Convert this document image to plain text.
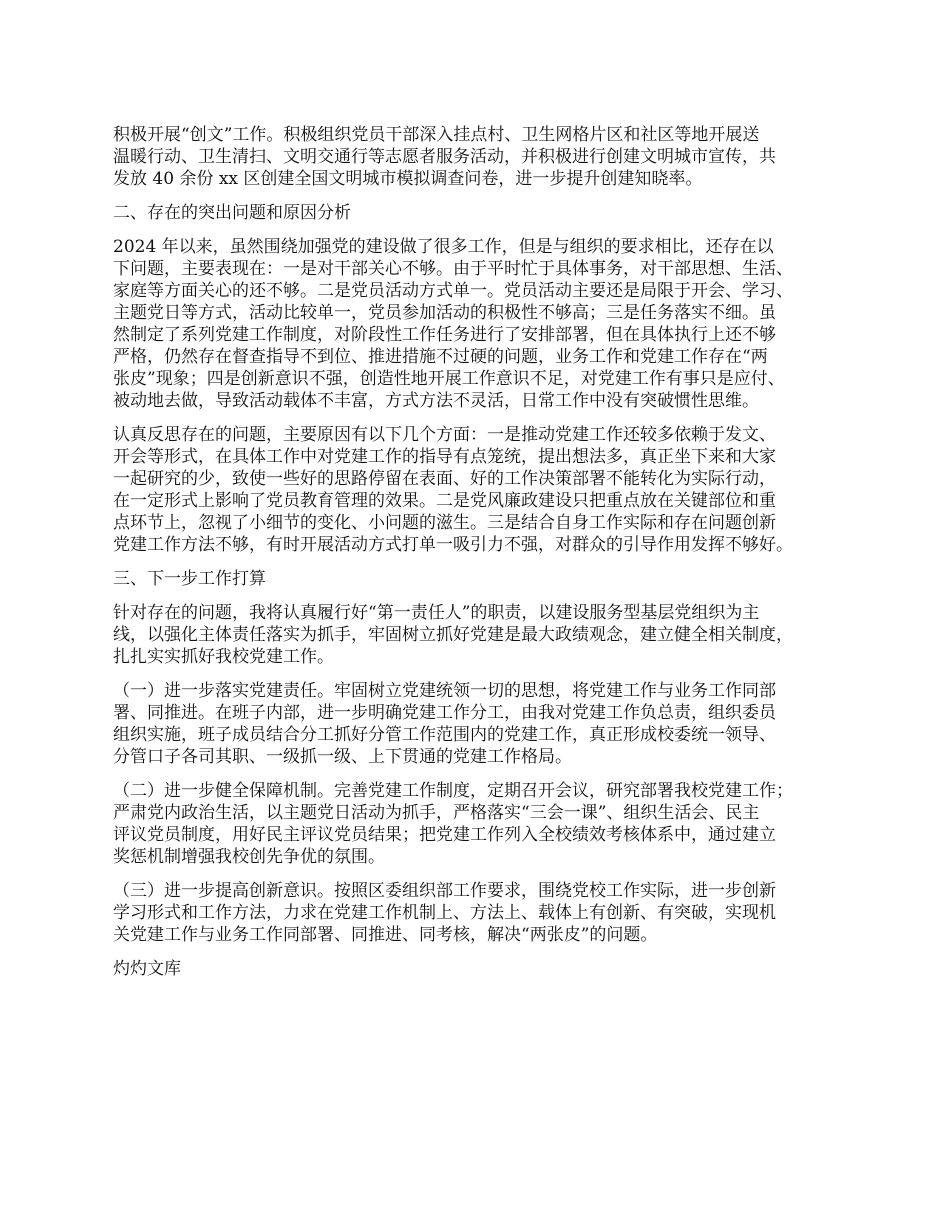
积极开展“创文”工作。积极组织党员干部深入挂点村、卫生网格片区和社区等地开展送
温暖行动、卫生清扫、文明交通行等志愿者服务活动，并积极进行创建文明城市宣传，共
发放 40 余份 xx 区创建全国文明城市模拟调查问卷，进一步提升创建知晓率。

二、存在的突出问题和原因分析

2024 年以来，虽然围绕加强党的建设做了很多工作，但是与组织的要求相比，还存在以
下问题，主要表现在：一是对干部关心不够。由于平时忙于具体事务，对干部思想、生活、
家庭等方面关心的还不够。二是党员活动方式单一。党员活动主要还是局限于开会、学习、
主题党日等方式，活动比较单一，党员参加活动的积极性不够高；三是任务落实不细。虽
然制定了系列党建工作制度，对阶段性工作任务进行了安排部署，但在具体执行上还不够
严格，仍然存在督查指导不到位、推进措施不过硬的问题，业务工作和党建工作存在“两
张皮”现象；四是创新意识不强，创造性地开展工作意识不足，对党建工作有事只是应付、
被动地去做，导致活动载体不丰富，方式方法不灵活，日常工作中没有突破惯性思维。

认真反思存在的问题，主要原因有以下几个方面：一是推动党建工作还较多依赖于发文、
开会等形式，在具体工作中对党建工作的指导有点笼统，提出想法多，真正坐下来和大家
一起研究的少，致使一些好的思路停留在表面、好的工作决策部署不能转化为实际行动，
在一定形式上影响了党员教育管理的效果。二是党风廉政建设只把重点放在关键部位和重
点环节上，忽视了小细节的变化、小问题的滋生。三是结合自身工作实际和存在问题创新
党建工作方法不够，有时开展活动方式打单一吸引力不强，对群众的引导作用发挥不够好。

三、下一步工作打算

针对存在的问题，我将认真履行好“第一责任人”的职责，以建设服务型基层党组织为主
线，以强化主体责任落实为抓手，牢固树立抓好党建是最大政绩观念，建立健全相关制度，
扎扎实实抓好我校党建工作。

（一）进一步落实党建责任。牢固树立党建统领一切的思想，将党建工作与业务工作同部
署、同推进。在班子内部，进一步明确党建工作分工，由我对党建工作负总责，组织委员
组织实施，班子成员结合分工抓好分管工作范围内的党建工作，真正形成校委统一领导、
分管口子各司其职、一级抓一级、上下贯通的党建工作格局。

（二）进一步健全保障机制。完善党建工作制度，定期召开会议，研究部署我校党建工作；
严肃党内政治生活，以主题党日活动为抓手，严格落实“三会一课”、组织生活会、民主
评议党员制度，用好民主评议党员结果；把党建工作列入全校绩效考核体系中，通过建立
奖惩机制增强我校创先争优的氛围。

（三）进一步提高创新意识。按照区委组织部工作要求，围绕党校工作实际，进一步创新
学习形式和工作方法，力求在党建工作机制上、方法上、载体上有创新、有突破，实现机
关党建工作与业务工作同部署、同推进、同考核，解决“两张皮”的问题。

灼灼文库
